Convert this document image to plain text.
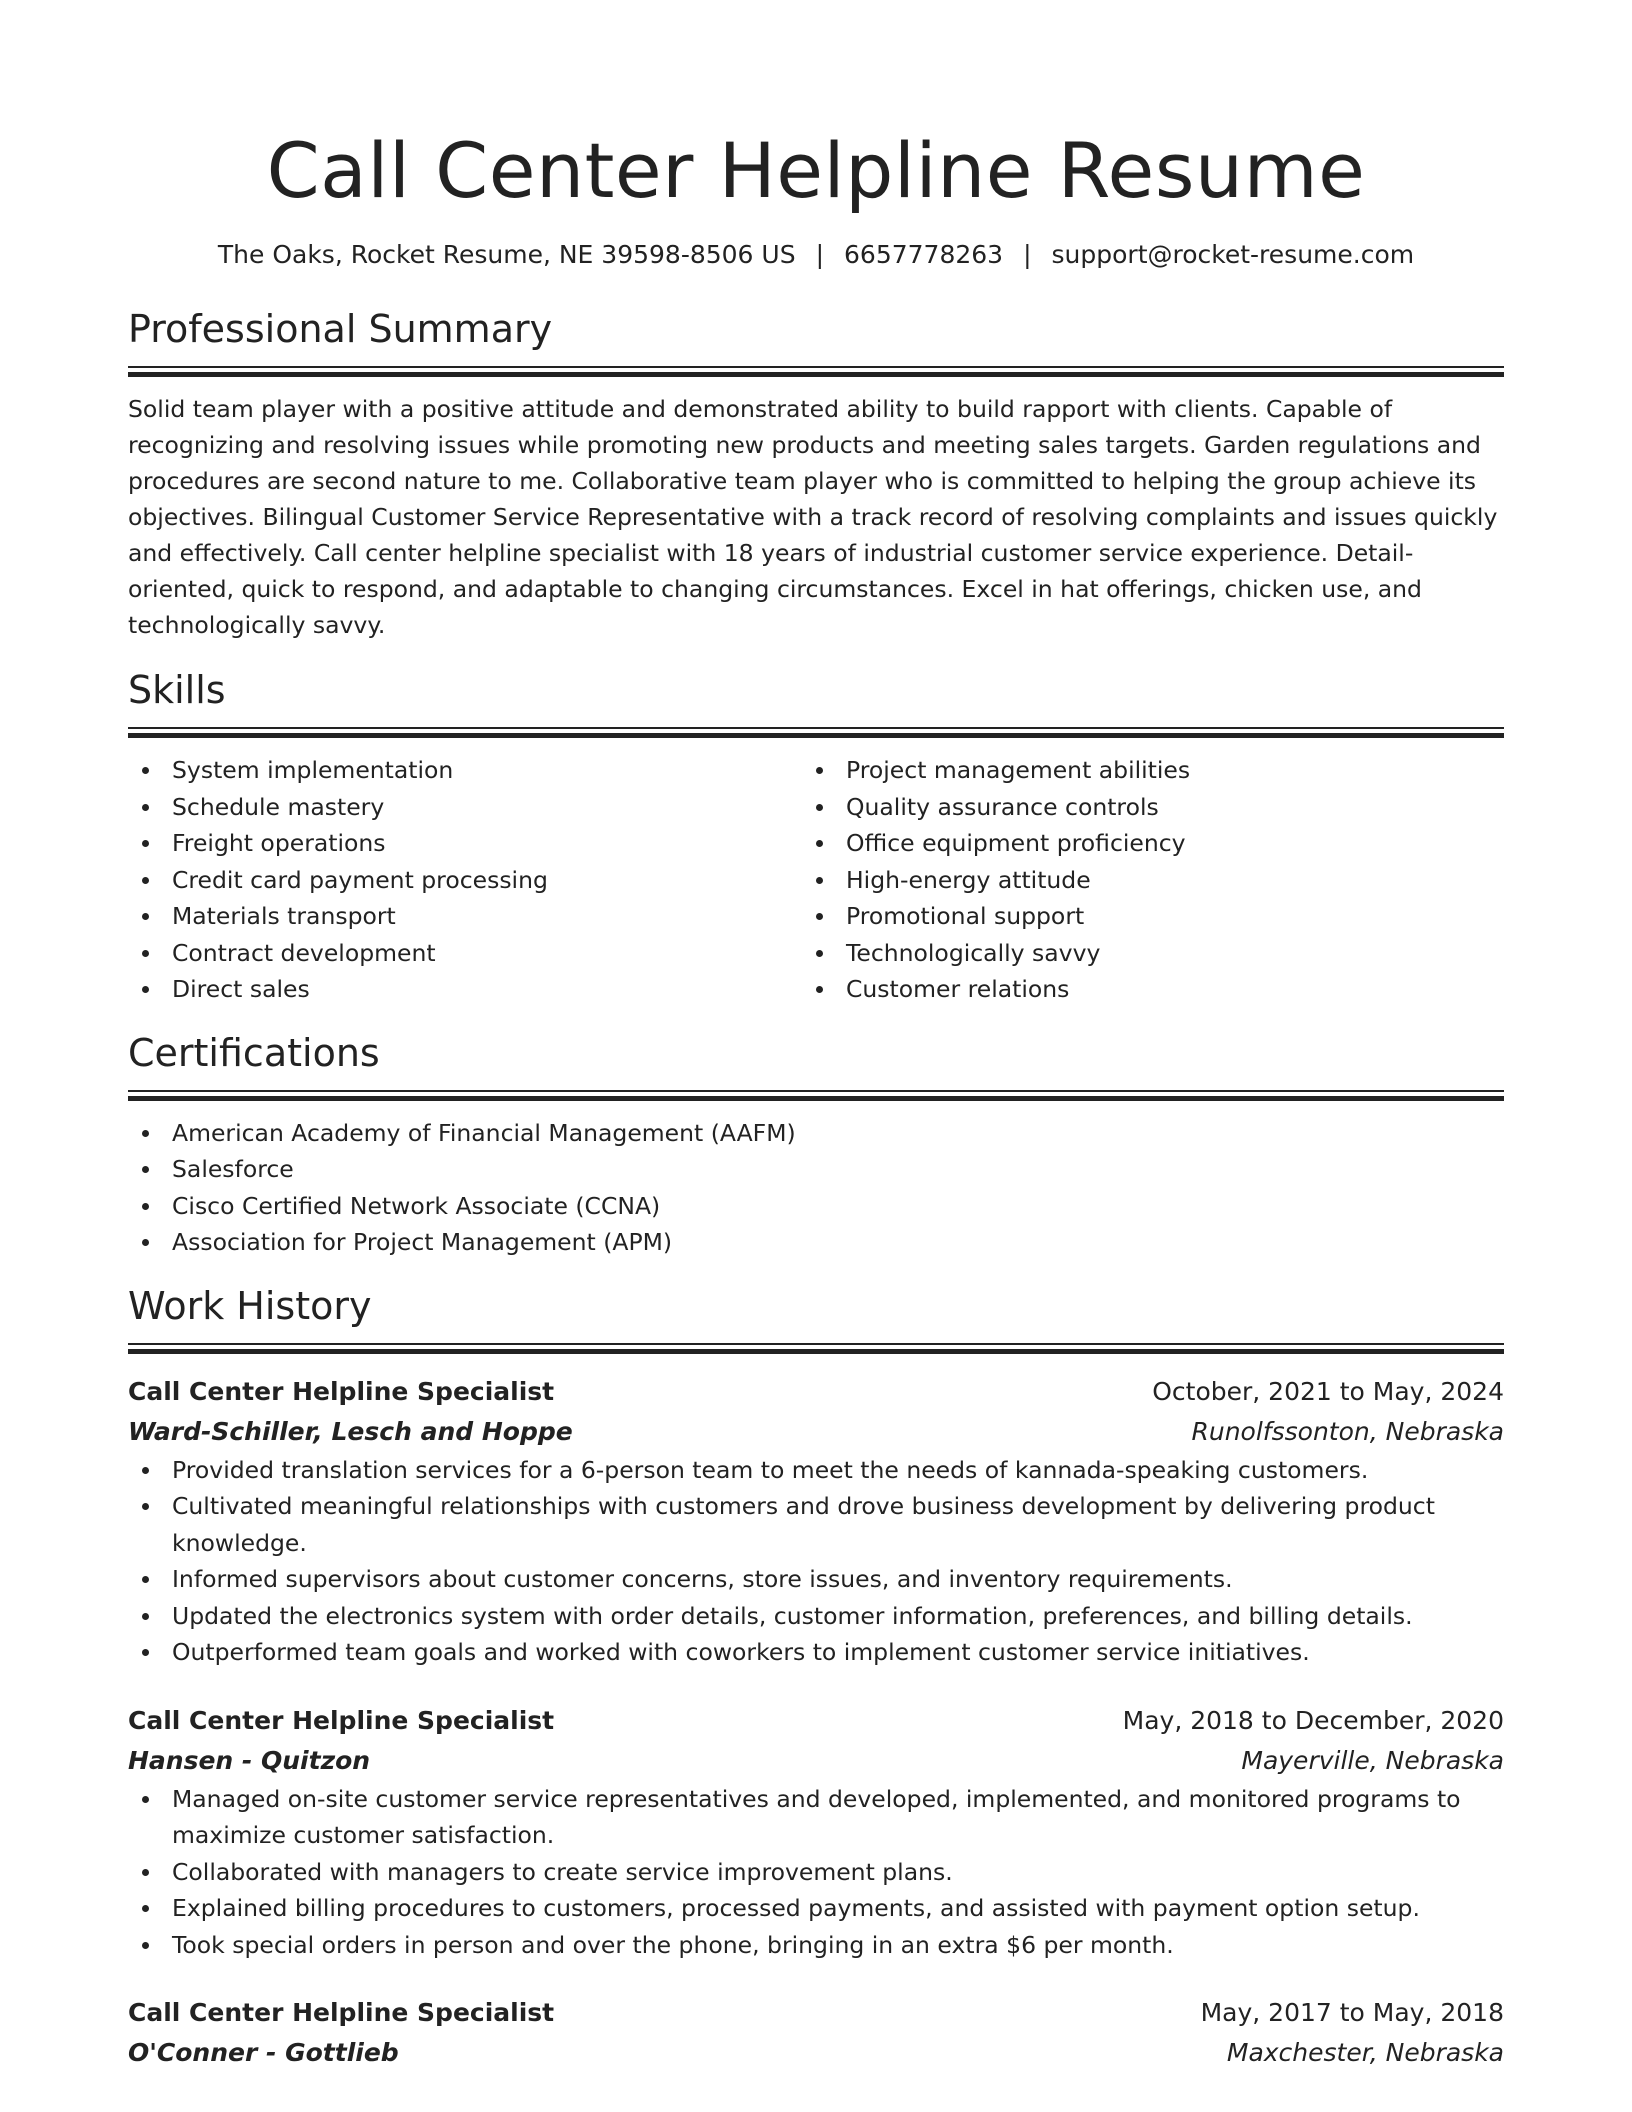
Call Center Helpline Resume
The Oaks, Rocket Resume, NE 39598-8506 US | 6657778263 | support@rocket-resume.com
Professional Summary

Solid team player with a positive attitude and demonstrated ability to build rapport with clients. Capable of recognizing and resolving issues while promoting new products and meeting sales targets. Garden regulations and procedures are second nature to me. Collaborative team player who is committed to helping the group achieve its objectives. Bilingual Customer Service Representative with a track record of resolving complaints and issues quickly and effectively. Call center helpline specialist with 18 years of industrial customer service experience. Detail-oriented, quick to respond, and adaptable to changing circumstances. Excel in hat offerings, chicken use, and technologically savvy.

Skills
System implementation
Schedule mastery
Freight operations
Credit card payment processing
Materials transport
Contract development
Direct sales
Project management abilities
Quality assurance controls
Office equipment proficiency
High-energy attitude
Promotional support
Technologically savvy
Customer relations
Certifications
American Academy of Financial Management (AAFM)
Salesforce
Cisco Certified Network Associate (CCNA)
Association for Project Management (APM)
Work History
Call Center Helpline Specialist	October, 2021 to May, 2024
Ward-Schiller, Lesch and Hoppe	Runolfssonton, Nebraska
Provided translation services for a 6-person team to meet the needs of kannada-speaking customers.
Cultivated meaningful relationships with customers and drove business development by delivering product knowledge.
Informed supervisors about customer concerns, store issues, and inventory requirements.
Updated the electronics system with order details, customer information, preferences, and billing details.
Outperformed team goals and worked with coworkers to implement customer service initiatives.
Call Center Helpline Specialist	May, 2018 to December, 2020
Hansen - Quitzon	Mayerville, Nebraska
Managed on-site customer service representatives and developed, implemented, and monitored programs to maximize customer satisfaction.
Collaborated with managers to create service improvement plans.
Explained billing procedures to customers, processed payments, and assisted with payment option setup.
Took special orders in person and over the phone, bringing in an extra $6 per month.
Call Center Helpline Specialist	May, 2017 to May, 2018
O'Conner - Gottlieb	Maxchester, Nebraska
